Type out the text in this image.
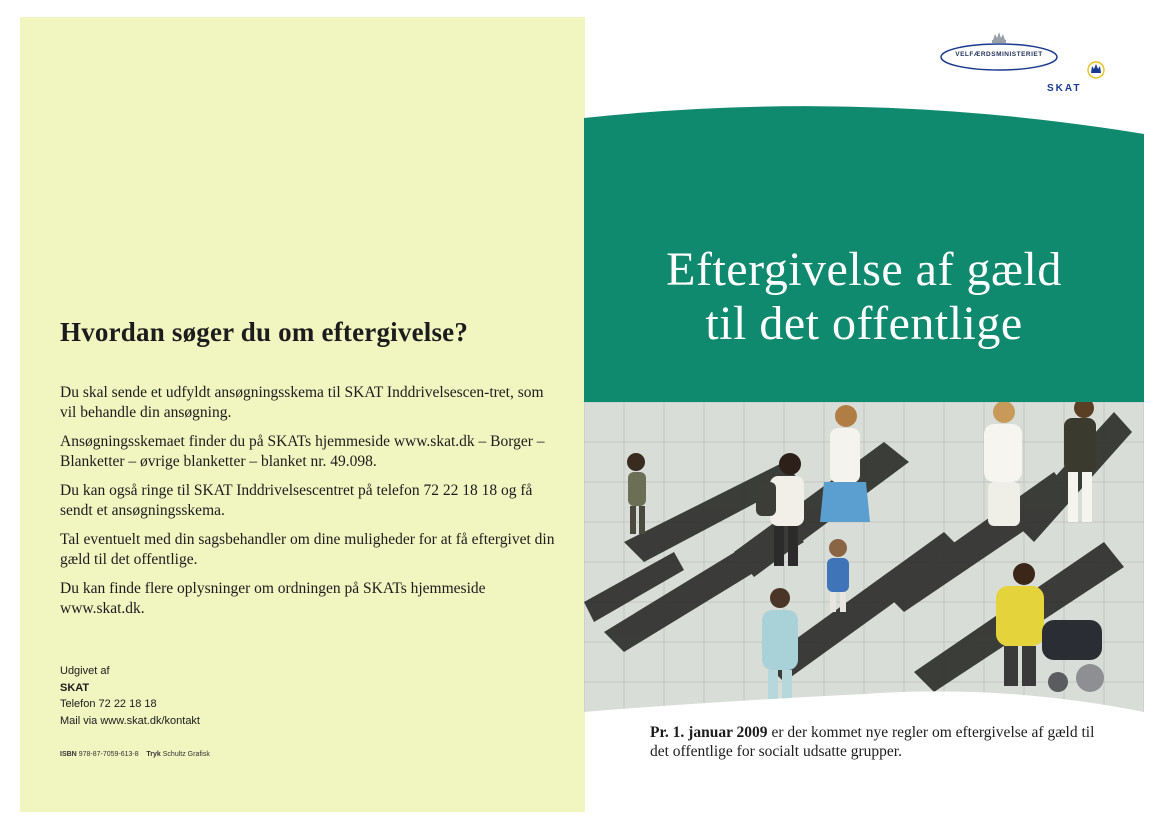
Hvordan søger du om eftergivelse?

Du skal sende et udfyldt ansøgningsskema til SKAT Inddrivelsescen-tret, som vil behandle din ansøgning.

Ansøgningsskemaet finder du på SKATs hjemmeside www.skat.dk – Borger – Blanketter – øvrige blanketter – blanket nr. 49.098.

Du kan også ringe til SKAT Inddrivelsescentret på telefon 72 22 18 18 og få sendt et ansøgningsskema.

Tal eventuelt med din sagsbehandler om dine muligheder for at få eftergivet din gæld til det offentlige.

Du kan finde flere oplysninger om ordningen på SKATs hjemmeside www.skat.dk.

Udgivet af
SKAT
Telefon 72 22 18 18
Mail via www.skat.dk/kontakt
ISBN 978-87-7059-613-8 Tryk Schultz Grafisk
VELFÆRDSMINISTERIET
SKAT
Eftergivelse af gæld
til det offentlige
Pr. 1. januar 2009 er der kommet nye regler om eftergivelse af gæld til det offentlige for socialt udsatte grupper.
